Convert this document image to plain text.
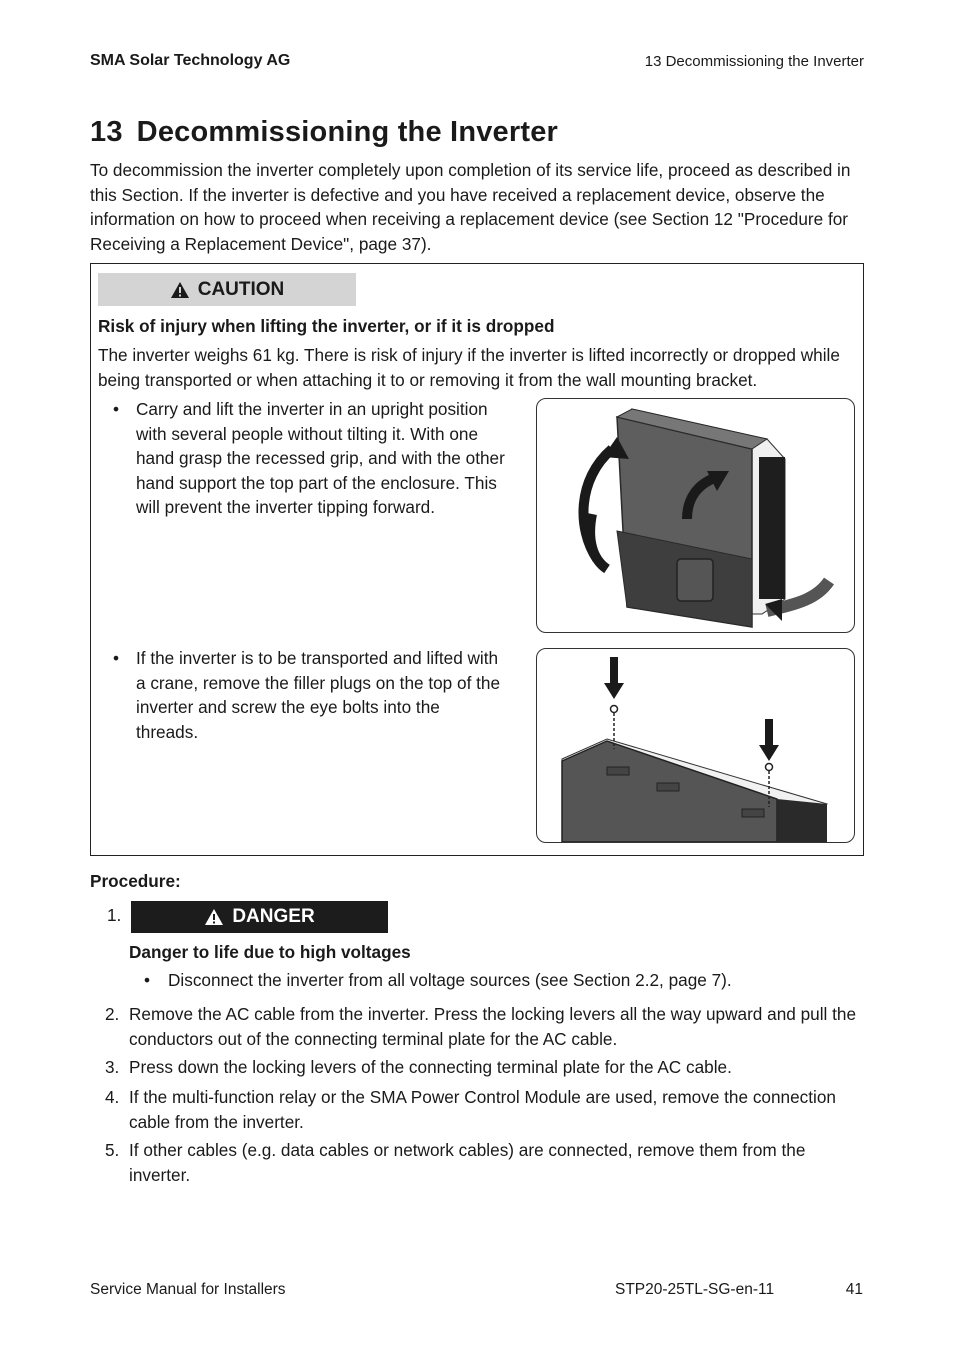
SMA Solar Technology AG	13 Decommissioning the Inverter
13 Decommissioning the Inverter
To decommission the inverter completely upon completion of its service life, proceed as described in this Section. If the inverter is defective and you have received a replacement device, observe the information on how to proceed when receiving a replacement device (see Section 12 "Procedure for Receiving a Replacement Device", page 37).
CAUTION
Risk of injury when lifting the inverter, or if it is dropped
The inverter weighs 61 kg. There is risk of injury if the inverter is lifted incorrectly or dropped while being transported or when attaching it to or removing it from the wall mounting bracket.
• Carry and lift the inverter in an upright position with several people without tilting it. With one hand grasp the recessed grip, and with the other hand support the top part of the enclosure. This will prevent the inverter tipping forward.
• If the inverter is to be transported and lifted with a crane, remove the filler plugs on the top of the inverter and screw the eye bolts into the threads.
Procedure:
1.	DANGER
Danger to life due to high voltages
• Disconnect the inverter from all voltage sources (see Section 2.2, page 7).
2. Remove the AC cable from the inverter. Press the locking levers all the way upward and pull the conductors out of the connecting terminal plate for the AC cable.
3. Press down the locking levers of the connecting terminal plate for the AC cable.
4. If the multi-function relay or the SMA Power Control Module are used, remove the connection cable from the inverter.
5. If other cables (e.g. data cables or network cables) are connected, remove them from the inverter.
Service Manual for Installers	STP20-25TL-SG-en-11	41
